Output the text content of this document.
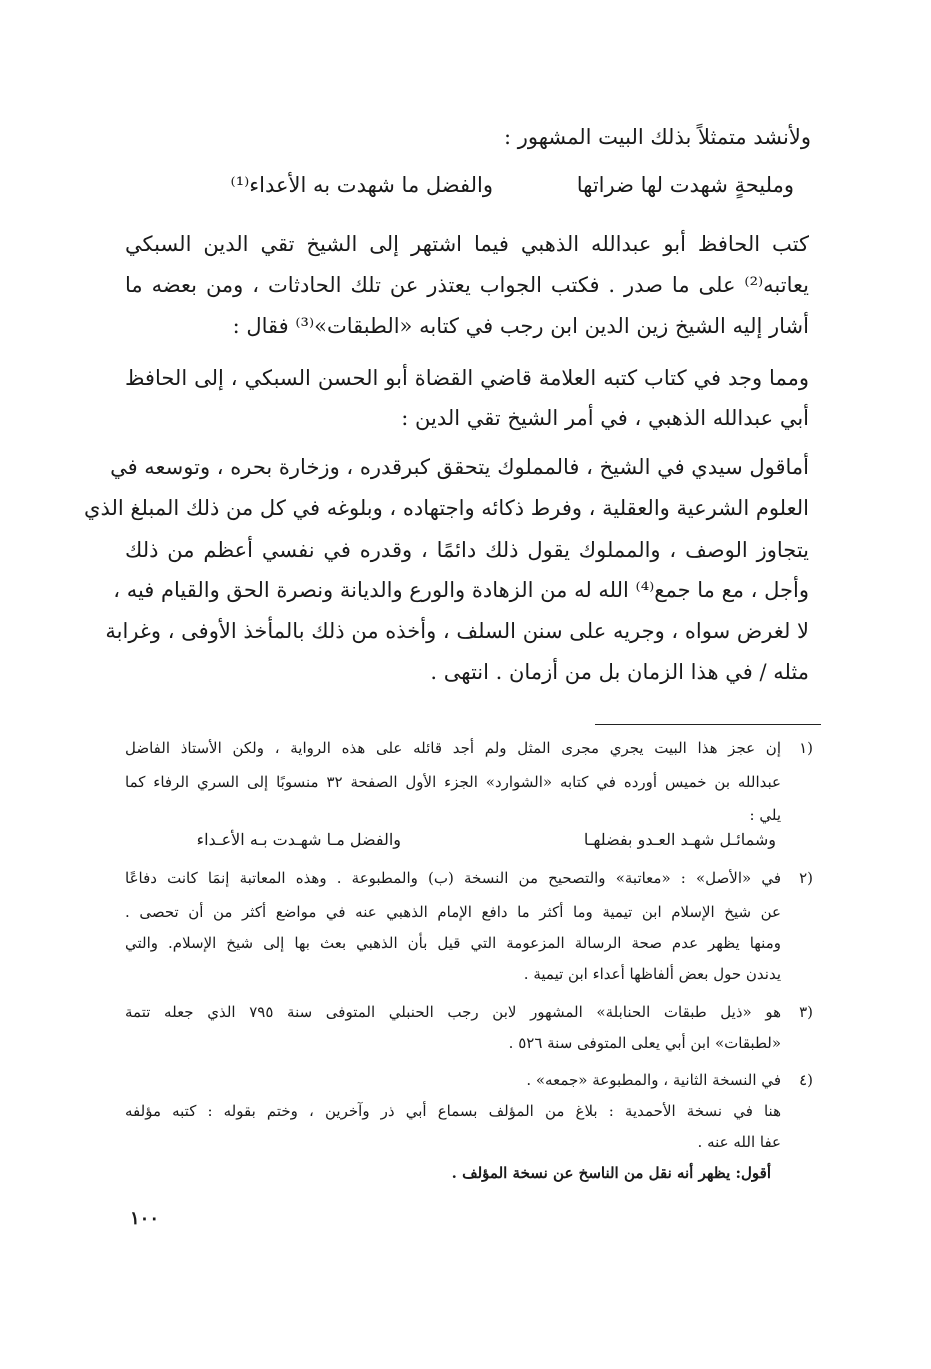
ولأنشد متمثلاً بذلك البيت المشهور :
ومليحةٍ شهدت لها ضراتها
والفضل ما شهدت به الأعداء⁽¹⁾
كتب الحافظ أبو عبدالله الذهبي فيما اشتهر إلى الشيخ تقي الدين السبكي
يعاتبه⁽²⁾ على ما صدر . فكتب الجواب يعتذر عن تلك الحادثات ، ومن بعضه ما
أشار إليه الشيخ زين الدين ابن رجب في كتابه «الطبقات»⁽³⁾ فقال :
ومما وجد في كتاب كتبه العلامة قاضي القضاة أبو الحسن السبكي ، إلى الحافظ
أبي عبدالله الذهبي ، في أمر الشيخ تقي الدين :
أماقول سيدي في الشيخ ، فالمملوك يتحقق كبرقدره ، وزخارة بحره ، وتوسعه في
العلوم الشرعية والعقلية ، وفرط ذكائه واجتهاده ، وبلوغه في كل من ذلك المبلغ الذي
يتجاوز الوصف ، والمملوك يقول ذلك دائمًا ، وقدره في نفسي أعظم من ذلك
وأجل ، مع ما جمع⁽⁴⁾ الله له من الزهادة والورع والديانة ونصرة الحق والقيام فيه ،
لا لغرض سواه ، وجريه على سنن السلف ، وأخذه من ذلك بالمأخذ الأوفى ، وغرابة
مثله / في هذا الزمان بل من أزمان . انتهى .
(١
إن عجز هذا البيت يجري مجرى المثل ولم أجد قائله على هذه الرواية ، ولكن الأستاذ الفاضل
عبدالله بن خميس أورده في كتابه «الشوارد» الجزء الأول الصفحة ٣٢ منسوبًا إلى السري الرفاء كما
يلي :
وشمائـل شهـد العـدو بفضلهـا
والفضل مـا شهـدت بـه الأعـداء
(٢
في «الأصل» : «معاتبة» والتصحيح من النسخة (ب) والمطبوعة . وهذه المعاتبة إنمَا كانت دفاعًا
عن شيخ الإسلام ابن تيمية وما أكثر ما دافع الإمام الذهبي عنه في مواضع أكثر من أن تحصى .
ومنها يظهر عدم صحة الرسالة المزعومة التي قيل بأن الذهبي بعث بها إلى شيخ الإسلام. والتي
يدندن حول بعض ألفاظها أعداء ابن تيمية .
(٣
هو «ذيل طبقات الحنابلة» المشهور لابن رجب الحنبلي المتوفى سنة ٧٩٥ الذي جعله تتمة
«لطبقات» ابن أبي يعلى المتوفى سنة ٥٢٦ .
(٤
في النسخة الثانية ، والمطبوعة «جمعه» .
هنا في نسخة الأحمدية : بلاغ من المؤلف بسماع أبي ذر وآخرين ، وختم بقوله : كتبه مؤلفه
عفا الله عنه .
أقول: يظهر أنه نقل من الناسخ عن نسخة المؤلف .
١٠٠
